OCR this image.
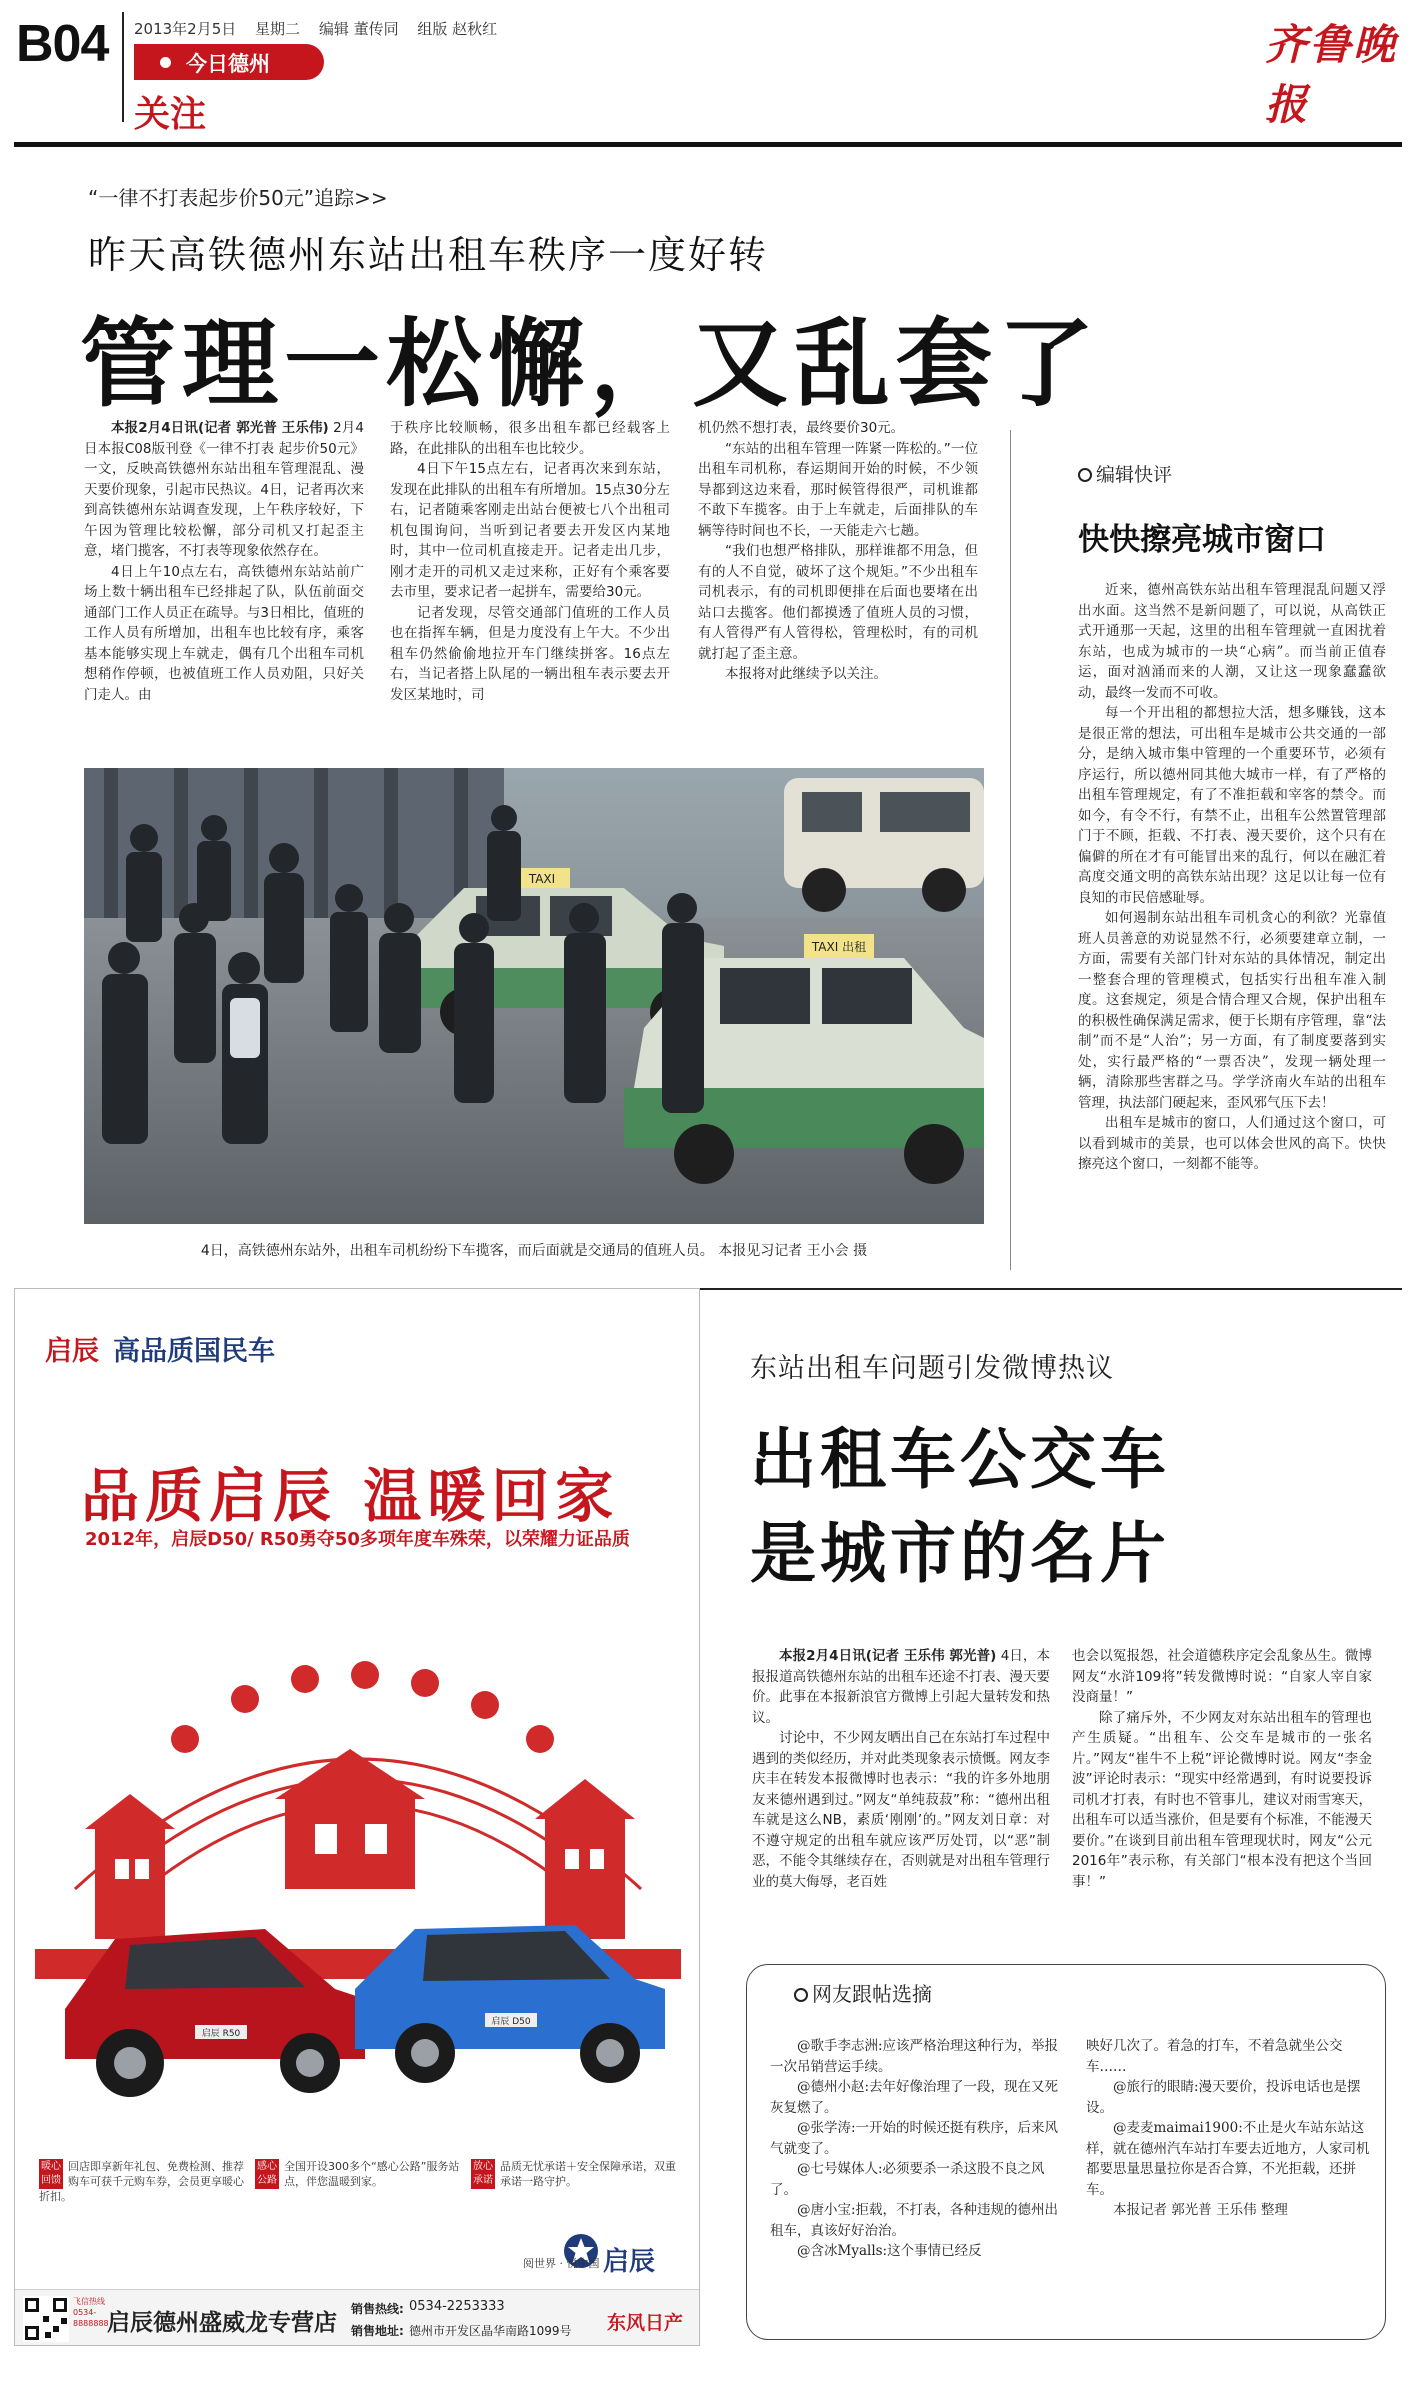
B04 2013年2月5日 星期二 编辑 董传同 组版 赵秋红
今日德州
关注
齐鲁晚报
“一律不打表起步价50元”追踪>>
昨天高铁德州东站出租车秩序一度好转
管理一松懈，又乱套了

本报2月4日讯(记者 郭光普 王乐伟) 2月4日本报C08版刊登《一律不打表 起步价50元》一文，反映高铁德州东站出租车管理混乱、漫天要价现象，引起市民热议。4日，记者再次来到高铁德州东站调查发现，上午秩序较好，下午因为管理比较松懈，部分司机又打起歪主意，堵门揽客，不打表等现象依然存在。

4日上午10点左右，高铁德州东站站前广场上数十辆出租车已经排起了队，队伍前面交通部门工作人员正在疏导。与3日相比，值班的工作人员有所增加，出租车也比较有序，乘客基本能够实现上车就走，偶有几个出租车司机想稍作停顿，也被值班工作人员劝阻，只好关门走人。由

于秩序比较顺畅，很多出租车都已经载客上路，在此排队的出租车也比较少。

4日下午15点左右，记者再次来到东站，发现在此排队的出租车有所增加。15点30分左右，记者随乘客刚走出站台便被七八个出租司机包围询问，当听到记者要去开发区内某地时，其中一位司机直接走开。记者走出几步，刚才走开的司机又走过来称，正好有个乘客要去市里，要求记者一起拼车，需要给30元。

记者发现，尽管交通部门值班的工作人员也在指挥车辆，但是力度没有上午大。不少出租车仍然偷偷地拉开车门继续拼客。16点左右，当记者搭上队尾的一辆出租车表示要去开发区某地时，司

机仍然不想打表，最终要价30元。

“东站的出租车管理一阵紧一阵松的。”一位出租车司机称，春运期间开始的时候，不少领导都到这边来看，那时候管得很严，司机谁都不敢下车揽客。由于上车就走，后面排队的车辆等待时间也不长，一天能走六七趟。

“我们也想严格排队，那样谁都不用急，但有的人不自觉，破坏了这个规矩。”不少出租车司机表示，有的司机即便排在后面也要堵在出站口去揽客。他们都摸透了值班人员的习惯，有人管得严有人管得松，管理松时，有的司机就打起了歪主意。

本报将对此继续予以关注。

TAXI
TAXI 出租
4日，高铁德州东站外，出租车司机纷纷下车揽客，而后面就是交通局的值班人员。 本报见习记者 王小会 摄
编辑快评
快快擦亮城市窗口

近来，德州高铁东站出租车管理混乱问题又浮出水面。这当然不是新问题了，可以说，从高铁正式开通那一天起，这里的出租车管理就一直困扰着东站，也成为城市的一块“心病”。而当前正值春运，面对汹涌而来的人潮，又让这一现象蠢蠢欲动，最终一发而不可收。

每一个开出租的都想拉大活，想多赚钱，这本是很正常的想法，可出租车是城市公共交通的一部分，是纳入城市集中管理的一个重要环节，必须有序运行，所以德州同其他大城市一样，有了严格的出租车管理规定，有了不准拒载和宰客的禁令。而如今，有令不行，有禁不止，出租车公然置管理部门于不顾，拒载、不打表、漫天要价，这个只有在偏僻的所在才有可能冒出来的乱行，何以在融汇着高度交通文明的高铁东站出现？这足以让每一位有良知的市民倍感耻辱。

如何遏制东站出租车司机贪心的利欲？光靠值班人员善意的劝说显然不行，必须要建章立制，一方面，需要有关部门针对东站的具体情况，制定出一整套合理的管理模式，包括实行出租车准入制度。这套规定，须是合情合理又合规，保护出租车的积极性确保满足需求，便于长期有序管理，靠“法制”而不是“人治”；另一方面，有了制度要落到实处，实行最严格的“一票否决”，发现一辆处理一辆，清除那些害群之马。学学济南火车站的出租车管理，执法部门硬起来，歪风邪气压下去！

出租车是城市的窗口，人们通过这个窗口，可以看到城市的美景，也可以体会世风的高下。快快擦亮这个窗口，一刻都不能等。

启辰 高品质国民车
品质启辰 温暖回家
2012年，启辰D50/ R50勇夺50多项年度车殊荣，以荣耀力证品质
启辰 R50
启辰 D50
暖心回馈
回店即享新年礼包、免费检测、推荐购车可获千元购车券，会员更享暖心折扣。
感心公路
全国开设300多个“感心公路”服务站点，伴您温暖到家。
放心承诺
品质无忧承诺＋安全保障承诺，双重承诺一路守护。
阅世界 · 悦中国 启辰
飞信热线 0534-8888888
启辰德州盛威龙专营店
销售热线: 0534-2253333
销售地址: 德州市开发区晶华南路1099号 东风日产
东站出租车问题引发微博热议
出租车公交车
是城市的名片

本报2月4日讯(记者 王乐伟 郭光普) 4日，本报报道高铁德州东站的出租车还途不打表、漫天要价。此事在本报新浪官方微博上引起大量转发和热议。

讨论中，不少网友晒出自己在东站打车过程中遇到的类似经历，并对此类现象表示愤慨。网友李庆丰在转发本报微博时也表示：“我的许多外地朋友来德州遇到过。”网友“单纯菽菽”称：“德州出租车就是这么NB，素质‘刚刚’的。”网友刘日章：对不遵守规定的出租车就应该严厉处罚，以“恶”制恶，不能令其继续存在，否则就是对出租车管理行业的莫大侮辱，老百姓

也会以冤报怨，社会道德秩序定会乱象丛生。微博网友“水浒109将”转发微博时说：“自家人宰自家没商量！”

除了痛斥外，不少网友对东站出租车的管理也产生质疑。“出租车、公交车是城市的一张名片。”网友“崔牛不上税”评论微博时说。网友“李金波”评论时表示：“现实中经常遇到，有时说要投诉司机才打表，有时也不管事儿，建议对雨雪寒天，出租车可以适当涨价，但是要有个标准，不能漫天要价。”在谈到目前出租车管理现状时，网友“公元2016年”表示称，有关部门“根本没有把这个当回事！”

网友跟帖选摘

@歌手李志洲:应该严格治理这种行为，举报一次吊销营运手续。

@德州小赵:去年好像治理了一段，现在又死灰复燃了。

@张学涛:一开始的时候还挺有秩序，后来风气就变了。

@七号媒体人:必须要杀一杀这股不良之风了。

@唐小宝:拒载，不打表，各种违规的德州出租车，真该好好治治。

@含冰Myalls:这个事情已经反

映好几次了。着急的打车，不着急就坐公交车……

@旅行的眼睛:漫天要价，投诉电话也是摆设。

@麦麦maimai1900:不止是火车站东站这样，就在德州汽车站打车要去近地方，人家司机都要思量思量拉你是否合算，不光拒载，还拼车。

本报记者 郭光普 王乐伟 整理
